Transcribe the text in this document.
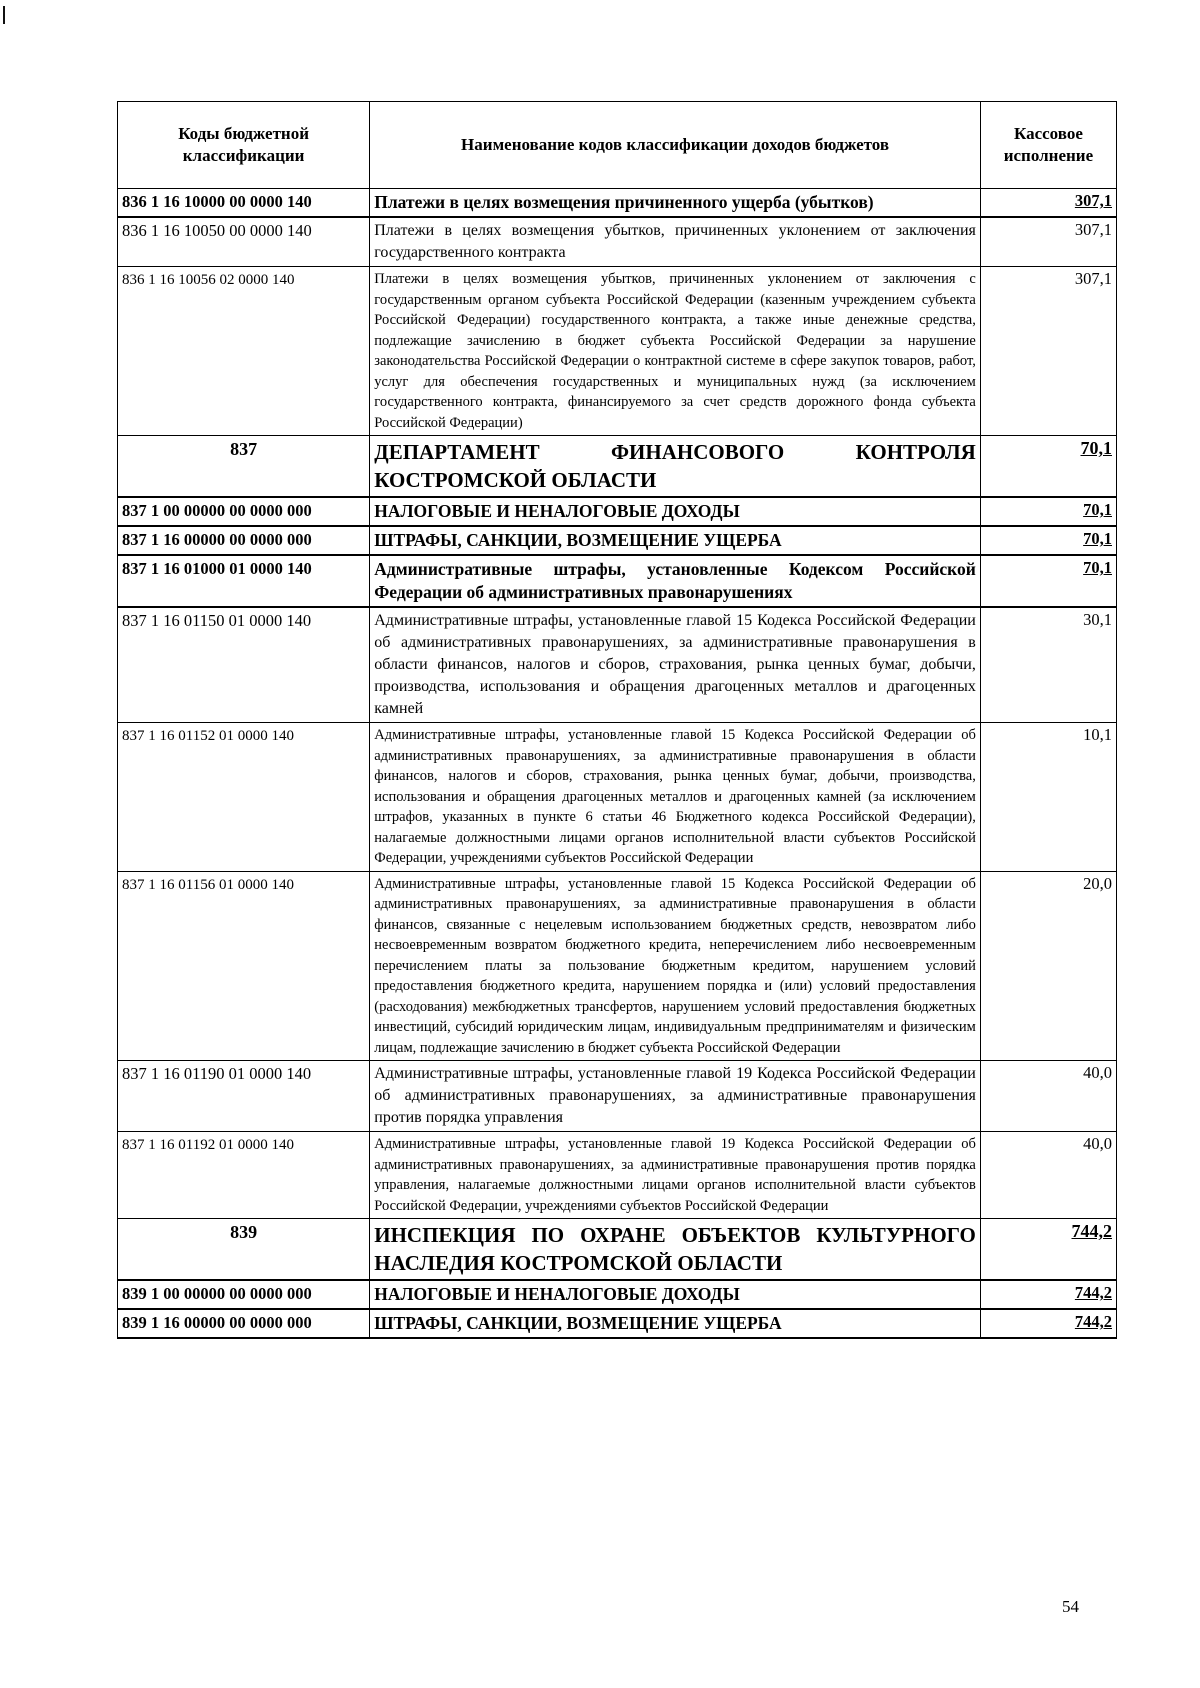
Коды бюджетной классификации	Наименование кодов классификации доходов бюджетов	Кассовое исполнение
836 1 16 10000 00 0000 140	Платежи в целях возмещения причиненного ущерба (убытков)	307,1
836 1 16 10050 00 0000 140	Платежи в целях возмещения убытков, причиненных уклонением от заключения государственного контракта	307,1
836 1 16 10056 02 0000 140	Платежи в целях возмещения убытков, причиненных уклонением от заключения с государственным органом субъекта Российской Федерации (казенным учреждением субъекта Российской Федерации) государственного контракта, а также иные денежные средства, подлежащие зачислению в бюджет субъекта Российской Федерации за нарушение законодательства Российской Федерации о контрактной системе в сфере закупок товаров, работ, услуг для обеспечения государственных и муниципальных нужд (за исключением государственного контракта, финансируемого за счет средств дорожного фонда субъекта Российской Федерации)	307,1
837	ДЕПАРТАМЕНТ ФИНАНСОВОГО КОНТРОЛЯ КОСТРОМСКОЙ ОБЛАСТИ	70,1
837 1 00 00000 00 0000 000	НАЛОГОВЫЕ И НЕНАЛОГОВЫЕ ДОХОДЫ	70,1
837 1 16 00000 00 0000 000	ШТРАФЫ, САНКЦИИ, ВОЗМЕЩЕНИЕ УЩЕРБА	70,1
837 1 16 01000 01 0000 140	Административные штрафы, установленные Кодексом Российской Федерации об административных правонарушениях	70,1
837 1 16 01150 01 0000 140	Административные штрафы, установленные главой 15 Кодекса Российской Федерации об административных правонарушениях, за административные правонарушения в области финансов, налогов и сборов, страхования, рынка ценных бумаг, добычи, производства, использования и обращения драгоценных металлов и драгоценных камней	30,1
837 1 16 01152 01 0000 140	Административные штрафы, установленные главой 15 Кодекса Российской Федерации об административных правонарушениях, за административные правонарушения в области финансов, налогов и сборов, страхования, рынка ценных бумаг, добычи, производства, использования и обращения драгоценных металлов и драгоценных камней (за исключением штрафов, указанных в пункте 6 статьи 46 Бюджетного кодекса Российской Федерации), налагаемые должностными лицами органов исполнительной власти субъектов Российской Федерации, учреждениями субъектов Российской Федерации	10,1
837 1 16 01156 01 0000 140	Административные штрафы, установленные главой 15 Кодекса Российской Федерации об административных правонарушениях, за административные правонарушения в области финансов, связанные с нецелевым использованием бюджетных средств, невозвратом либо несвоевременным возвратом бюджетного кредита, неперечислением либо несвоевременным перечислением платы за пользование бюджетным кредитом, нарушением условий предоставления бюджетного кредита, нарушением порядка и (или) условий предоставления (расходования) межбюджетных трансфертов, нарушением условий предоставления бюджетных инвестиций, субсидий юридическим лицам, индивидуальным предпринимателям и физическим лицам, подлежащие зачислению в бюджет субъекта Российской Федерации	20,0
837 1 16 01190 01 0000 140	Административные штрафы, установленные главой 19 Кодекса Российской Федерации об административных правонарушениях, за административные правонарушения против порядка управления	40,0
837 1 16 01192 01 0000 140	Административные штрафы, установленные главой 19 Кодекса Российской Федерации об административных правонарушениях, за административные правонарушения против порядка управления, налагаемые должностными лицами органов исполнительной власти субъектов Российской Федерации, учреждениями субъектов Российской Федерации	40,0
839	ИНСПЕКЦИЯ ПО ОХРАНЕ ОБЪЕКТОВ КУЛЬТУРНОГО НАСЛЕДИЯ КОСТРОМСКОЙ ОБЛАСТИ	744,2
839 1 00 00000 00 0000 000	НАЛОГОВЫЕ И НЕНАЛОГОВЫЕ ДОХОДЫ	744,2
839 1 16 00000 00 0000 000	ШТРАФЫ, САНКЦИИ, ВОЗМЕЩЕНИЕ УЩЕРБА	744,2
54
